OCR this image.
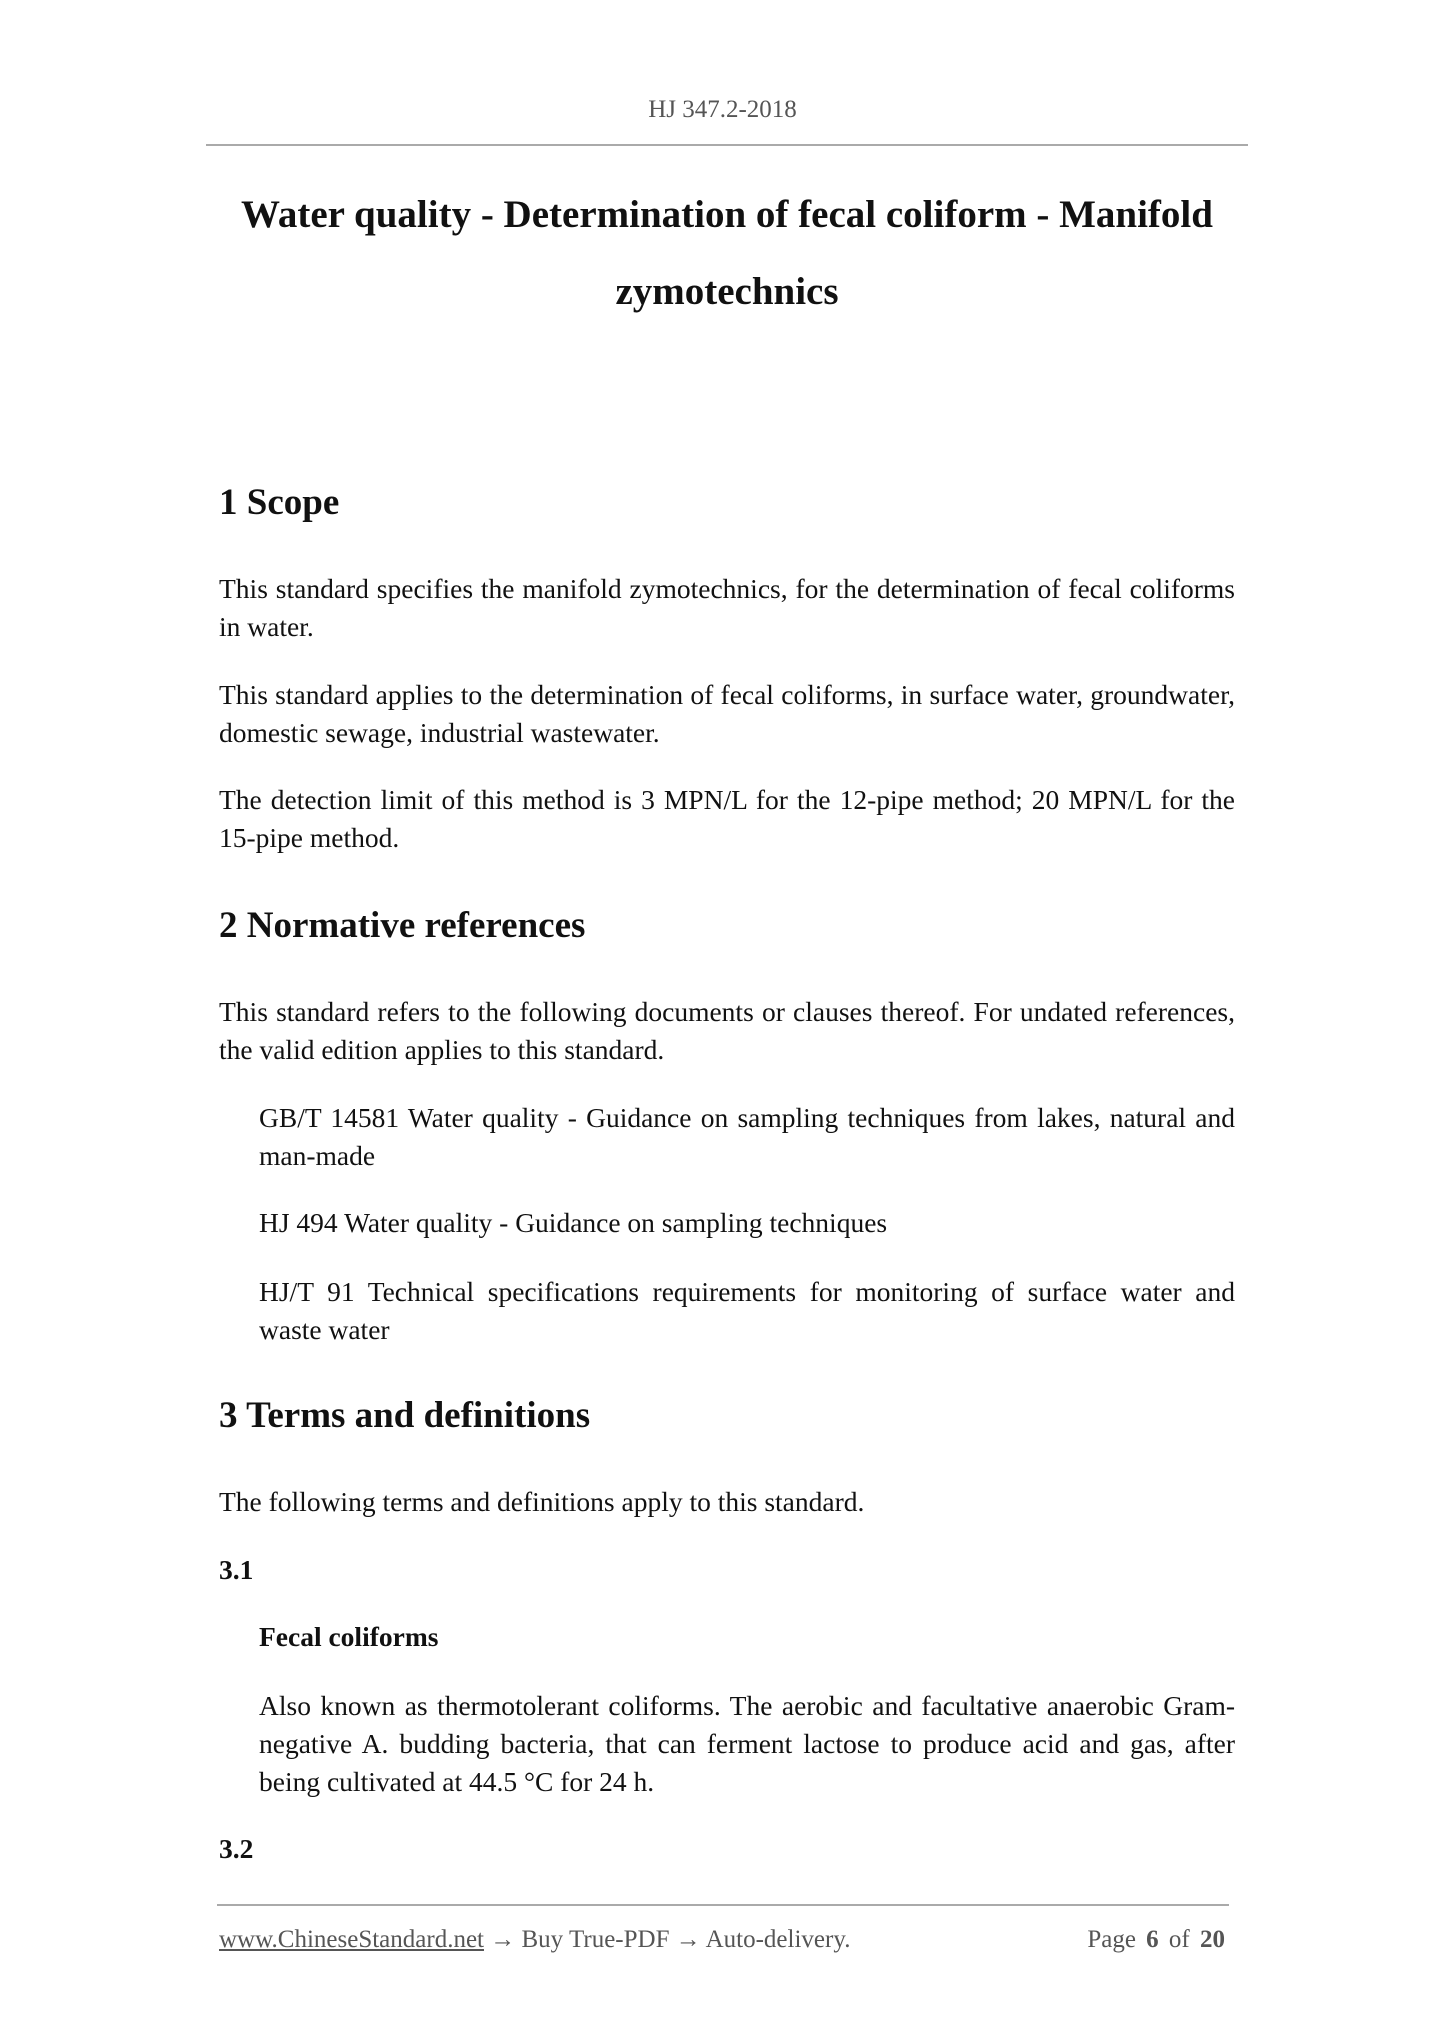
HJ 347.2-2018
Water quality - Determination of fecal coliform - Manifold zymotechnics
1 Scope
This standard specifies the manifold zymotechnics, for the determination of fecal coliforms in water.
This standard applies to the determination of fecal coliforms, in surface water, groundwater, domestic sewage, industrial wastewater.
The detection limit of this method is 3 MPN/L for the 12-pipe method; 20 MPN/L for the 15-pipe method.
2 Normative references
This standard refers to the following documents or clauses thereof. For undated references, the valid edition applies to this standard.
GB/T 14581 Water quality - Guidance on sampling techniques from lakes, natural and man-made
HJ 494 Water quality - Guidance on sampling techniques
HJ/T 91 Technical specifications requirements for monitoring of surface water and waste water
3 Terms and definitions
The following terms and definitions apply to this standard.
3.1
Fecal coliforms
Also known as thermotolerant coliforms. The aerobic and facultative anaerobic Gram-negative A. budding bacteria, that can ferment lactose to produce acid and gas, after being cultivated at 44.5 °C for 24 h.
3.2
www.ChineseStandard.net → Buy True-PDF → Auto-delivery.	Page 6 of 20
